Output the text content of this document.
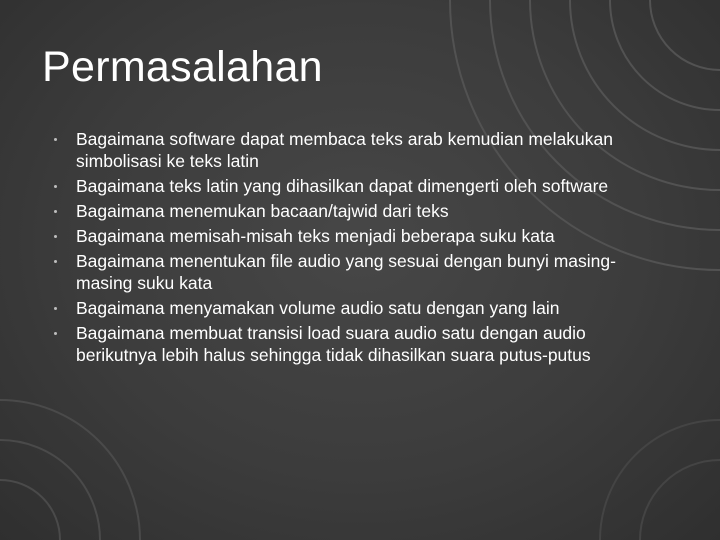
Permasalahan
Bagaimana software dapat membaca teks arab kemudian melakukan simbolisasi ke teks latin
Bagaimana teks latin yang dihasilkan dapat dimengerti oleh software
Bagaimana menemukan bacaan/tajwid dari teks
Bagaimana memisah-misah teks menjadi beberapa suku kata
Bagaimana menentukan file audio yang sesuai dengan bunyi masing-masing suku kata
Bagaimana menyamakan volume audio satu dengan yang lain
Bagaimana membuat transisi load suara audio satu dengan audio berikutnya lebih halus sehingga tidak dihasilkan suara putus-putus
